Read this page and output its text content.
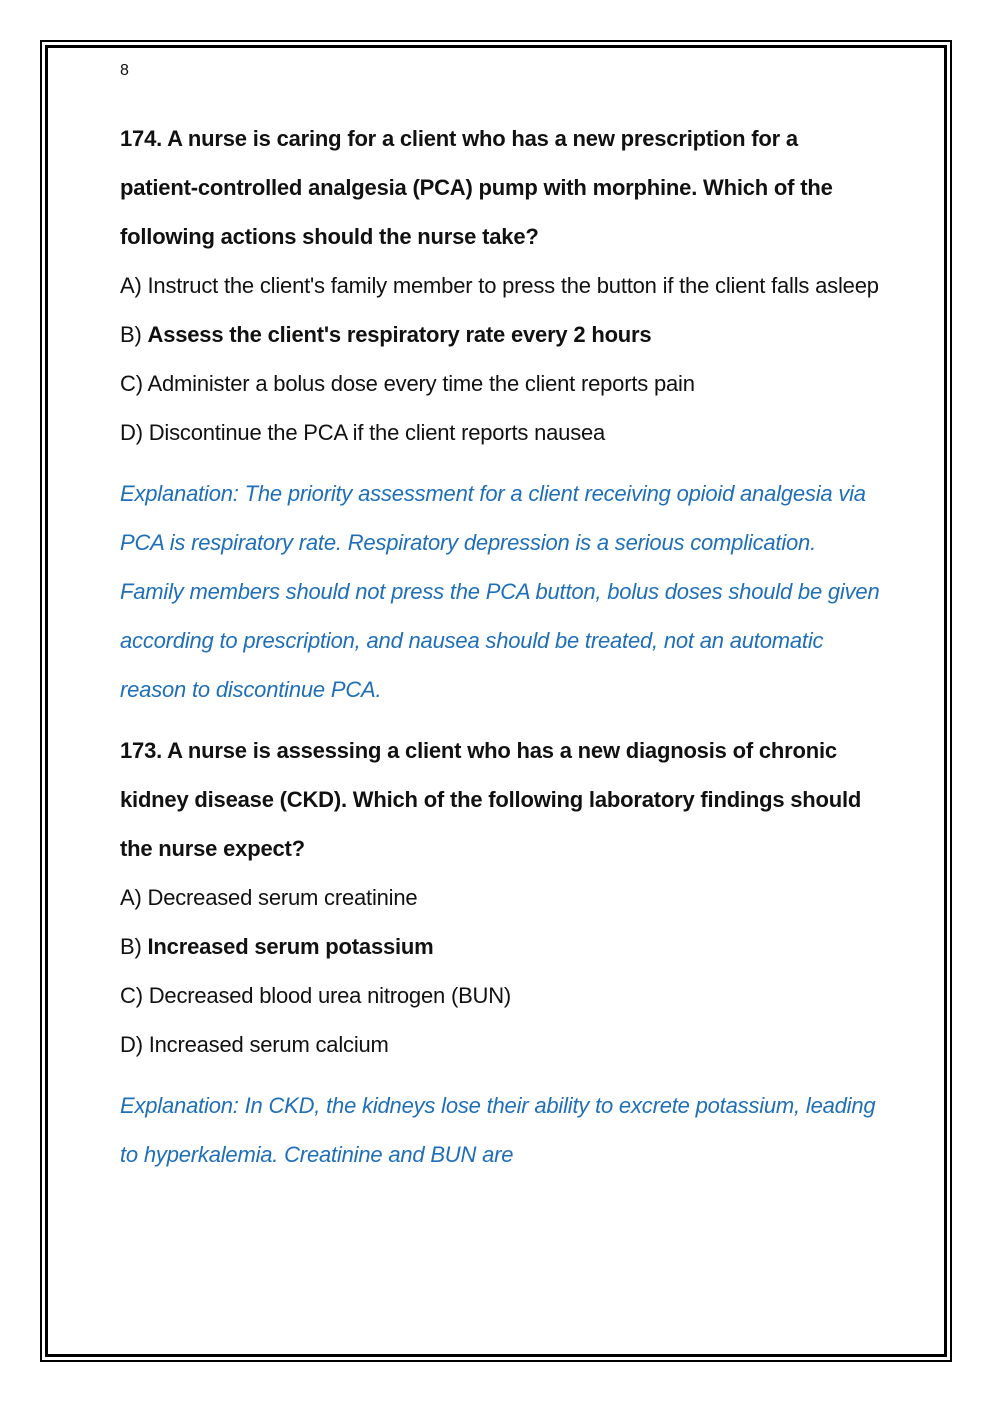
8

174. A nurse is caring for a client who has a new prescription for a patient-controlled analgesia (PCA) pump with morphine. Which of the following actions should the nurse take?

A) Instruct the client's family member to press the button if the client falls asleep
B) Assess the client's respiratory rate every 2 hours
C) Administer a bolus dose every time the client reports pain
D) Discontinue the PCA if the client reports nausea

Explanation: The priority assessment for a client receiving opioid analgesia via PCA is respiratory rate. Respiratory depression is a serious complication. Family members should not press the PCA button, bolus doses should be given according to prescription, and nausea should be treated, not an automatic reason to discontinue PCA.

173. A nurse is assessing a client who has a new diagnosis of chronic kidney disease (CKD). Which of the following laboratory findings should the nurse expect?

A) Decreased serum creatinine
B) Increased serum potassium
C) Decreased blood urea nitrogen (BUN)
D) Increased serum calcium

Explanation: In CKD, the kidneys lose their ability to excrete potassium, leading to hyperkalemia. Creatinine and BUN are
